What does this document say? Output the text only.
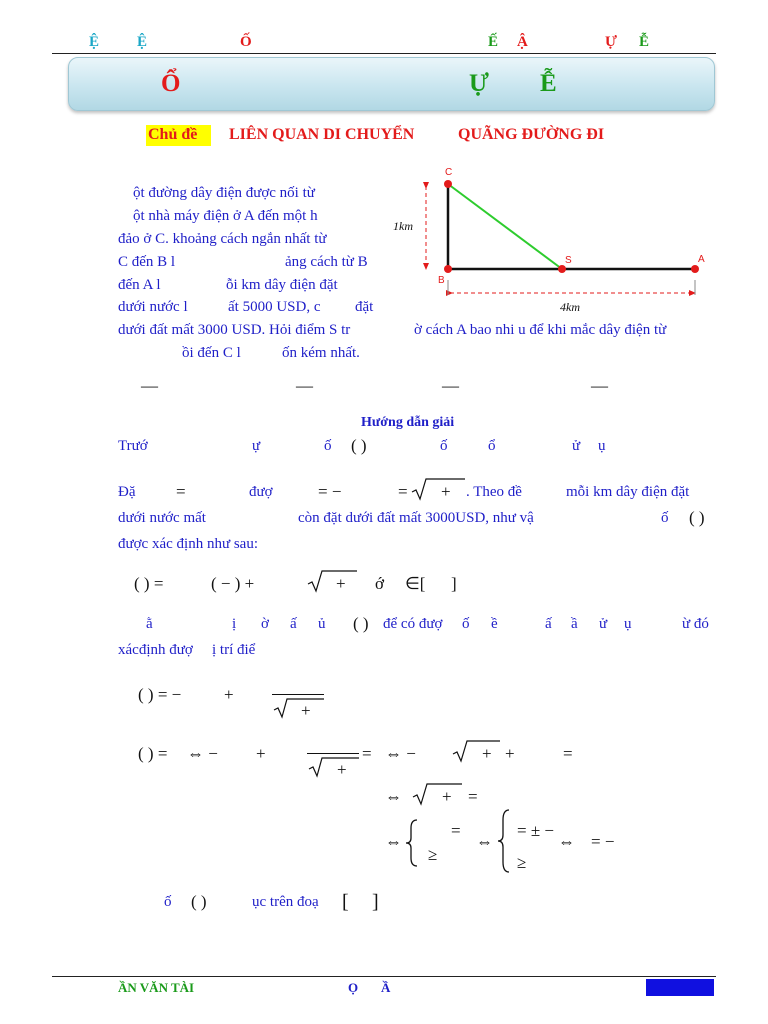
Ệ	Ệ	Ố	Ế Ậ	Ự Ễ
Ổ	Ự Ễ
Chủ đề	LIÊN QUAN DI CHUYỂN	QUÃNG ĐƯỜNG ĐI
ột đường dây điện được nối từ
ột nhà máy điện ở A đến một h
đảo ở C. khoảng cách ngắn nhất từ
C đến B l	ảng cách từ B
đến A l	ỗi km dây điện đặt
dưới nước l	ất 5000 USD, c đặt
dưới đất mất 3000 USD. Hỏi điểm S tr	ờ cách A bao nhi u để khi mắc dây điện từ
ồi đến C l	ốn kém nhất.
C
B
S	A
1km
4km
—	—	—	—
Hướng dẫn giải
Trướ	ự	ố ( )	ố	ổ	ử ụ
Đặ =	đượ	= −	= + . Theo đề	mỗi km dây điện đặt
dưới nước mất	còn đặt dưới đất mất 3000USD, như vậ	ố ( )
được xác định như sau:
( ) =	( − ) +	+ ớ ∈[ ]
ằ	ị ờ ấ ủ ( ) để có đượ ố ề	ấ ầ ử ụ	ừ đó
xácđịnh đượ ị trí điể
( ) = −	+
+
( ) = ⇔ − +
+
= ⇔ −	+ +	=
⇔ + =
⇔
=
≥
⇔
= ± −
≥
⇔ = −
ố ( )	ục trên đoạ [ ]
ẦN VĂN TÀI	Ọ Ầ
